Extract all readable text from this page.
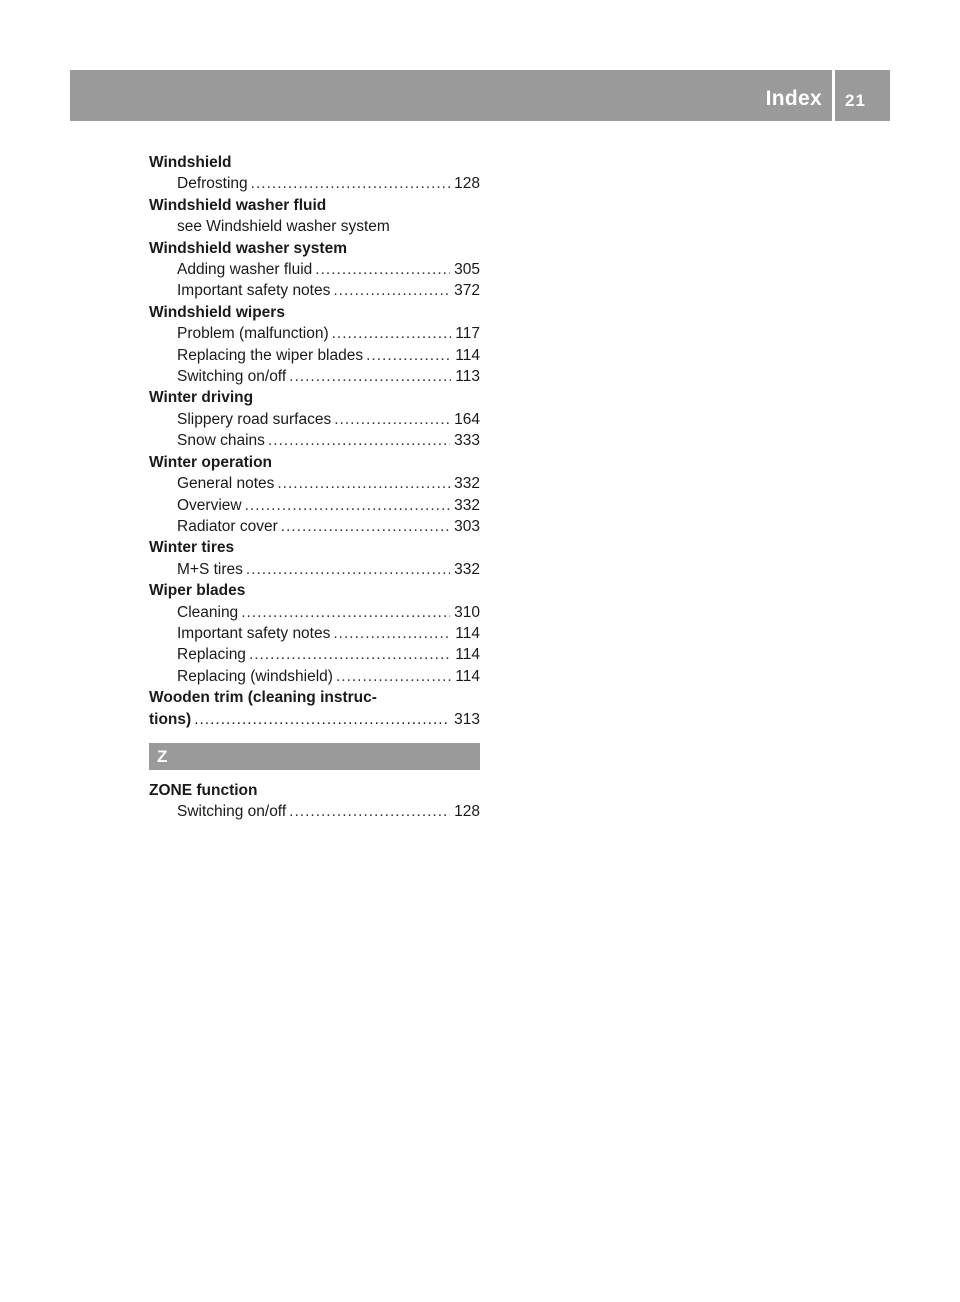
Index 21
Windshield
Defrosting .....	128
Windshield washer fluid
see Windshield washer system
Windshield washer system
Adding washer fluid .....	305
Important safety notes .....	372
Windshield wipers
Problem (malfunction) .....	117
Replacing the wiper blades .....	114
Switching on/off .....	113
Winter driving
Slippery road surfaces .....	164
Snow chains .....	333
Winter operation
General notes .....	332
Overview .....	332
Radiator cover .....	303
Winter tires
M+S tires .....	332
Wiper blades
Cleaning .....	310
Important safety notes .....	114
Replacing .....	114
Replacing (windshield) .....	114
Wooden trim (cleaning instruc-
tions) .....	313
Z
ZONE function
Switching on/off .....	128
